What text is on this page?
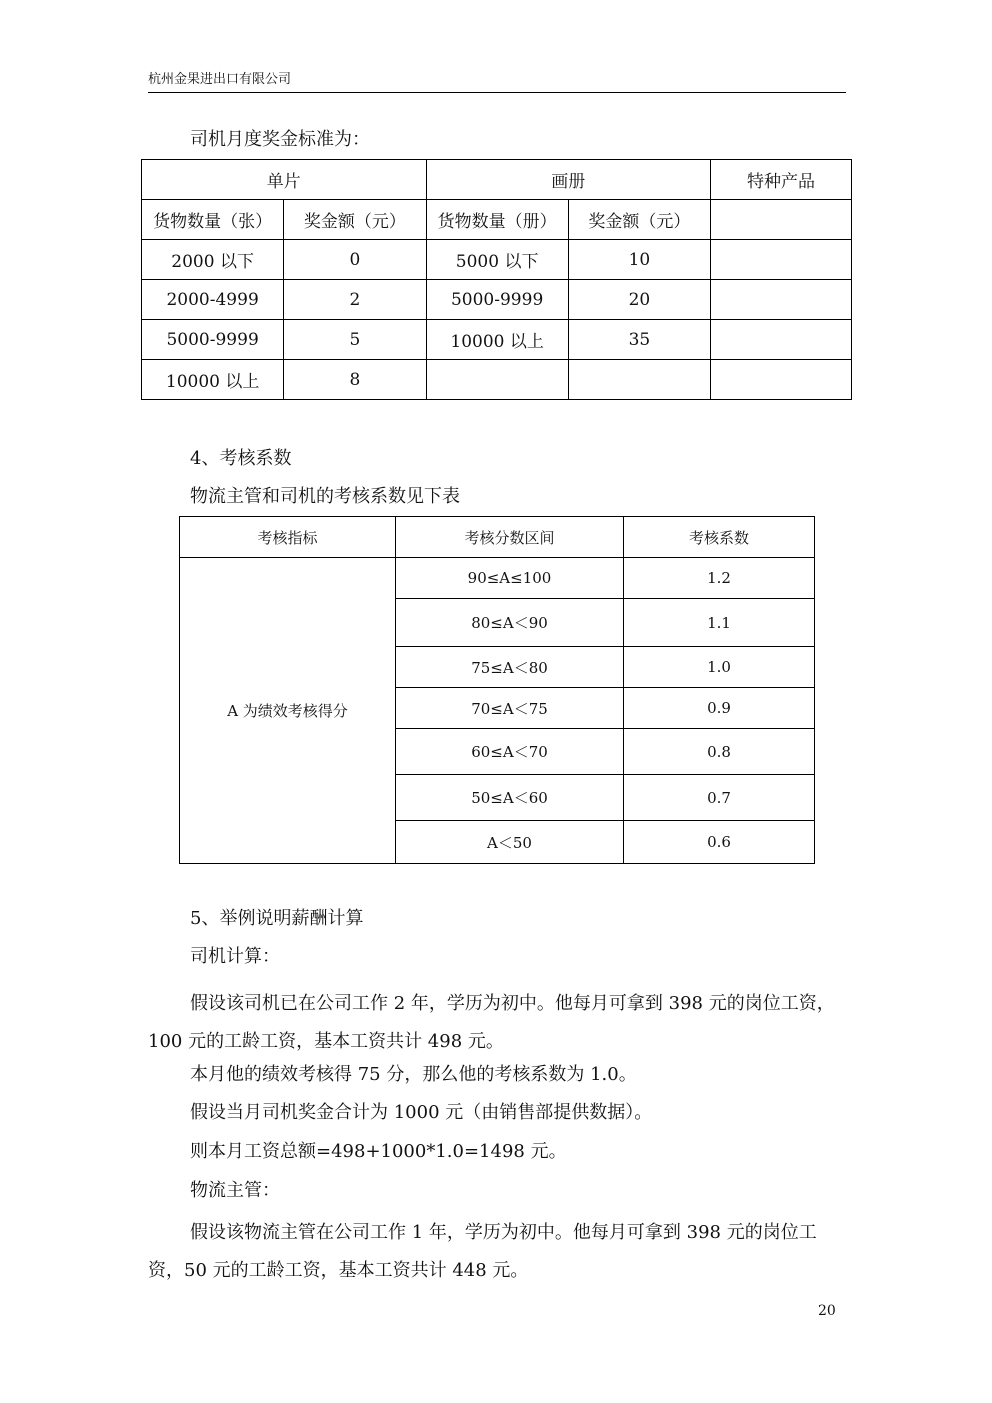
杭州金果进出口有限公司
司机月度奖金标准为：
单片		画册		特种产品
货物数量（张）	奖金额（元）	货物数量（册）	奖金额（元）	
2000 以下	0	5000 以下	10	
2000-4999	2	5000-9999	20	
5000-9999	5	10000 以上	35	
10000 以上	8			
4、考核系数
物流主管和司机的考核系数见下表
考核指标	考核分数区间	考核系数
A 为绩效考核得分	90≤A≤100	1.2
	80≤A＜90	1.1
	75≤A＜80	1.0
	70≤A＜75	0.9
	60≤A＜70	0.8
	50≤A＜60	0.7
	A＜50	0.6
5、举例说明薪酬计算
司机计算：
假设该司机已在公司工作 2 年，学历为初中。他每月可拿到 398 元的岗位工资，100 元的工龄工资，基本工资共计 498 元。
本月他的绩效考核得 75 分，那么他的考核系数为 1.0。
假设当月司机奖金合计为 1000 元（由销售部提供数据）。
则本月工资总额=498+1000*1.0=1498 元。
物流主管：
假设该物流主管在公司工作 1 年，学历为初中。他每月可拿到 398 元的岗位工资，50 元的工龄工资，基本工资共计 448 元。
20
